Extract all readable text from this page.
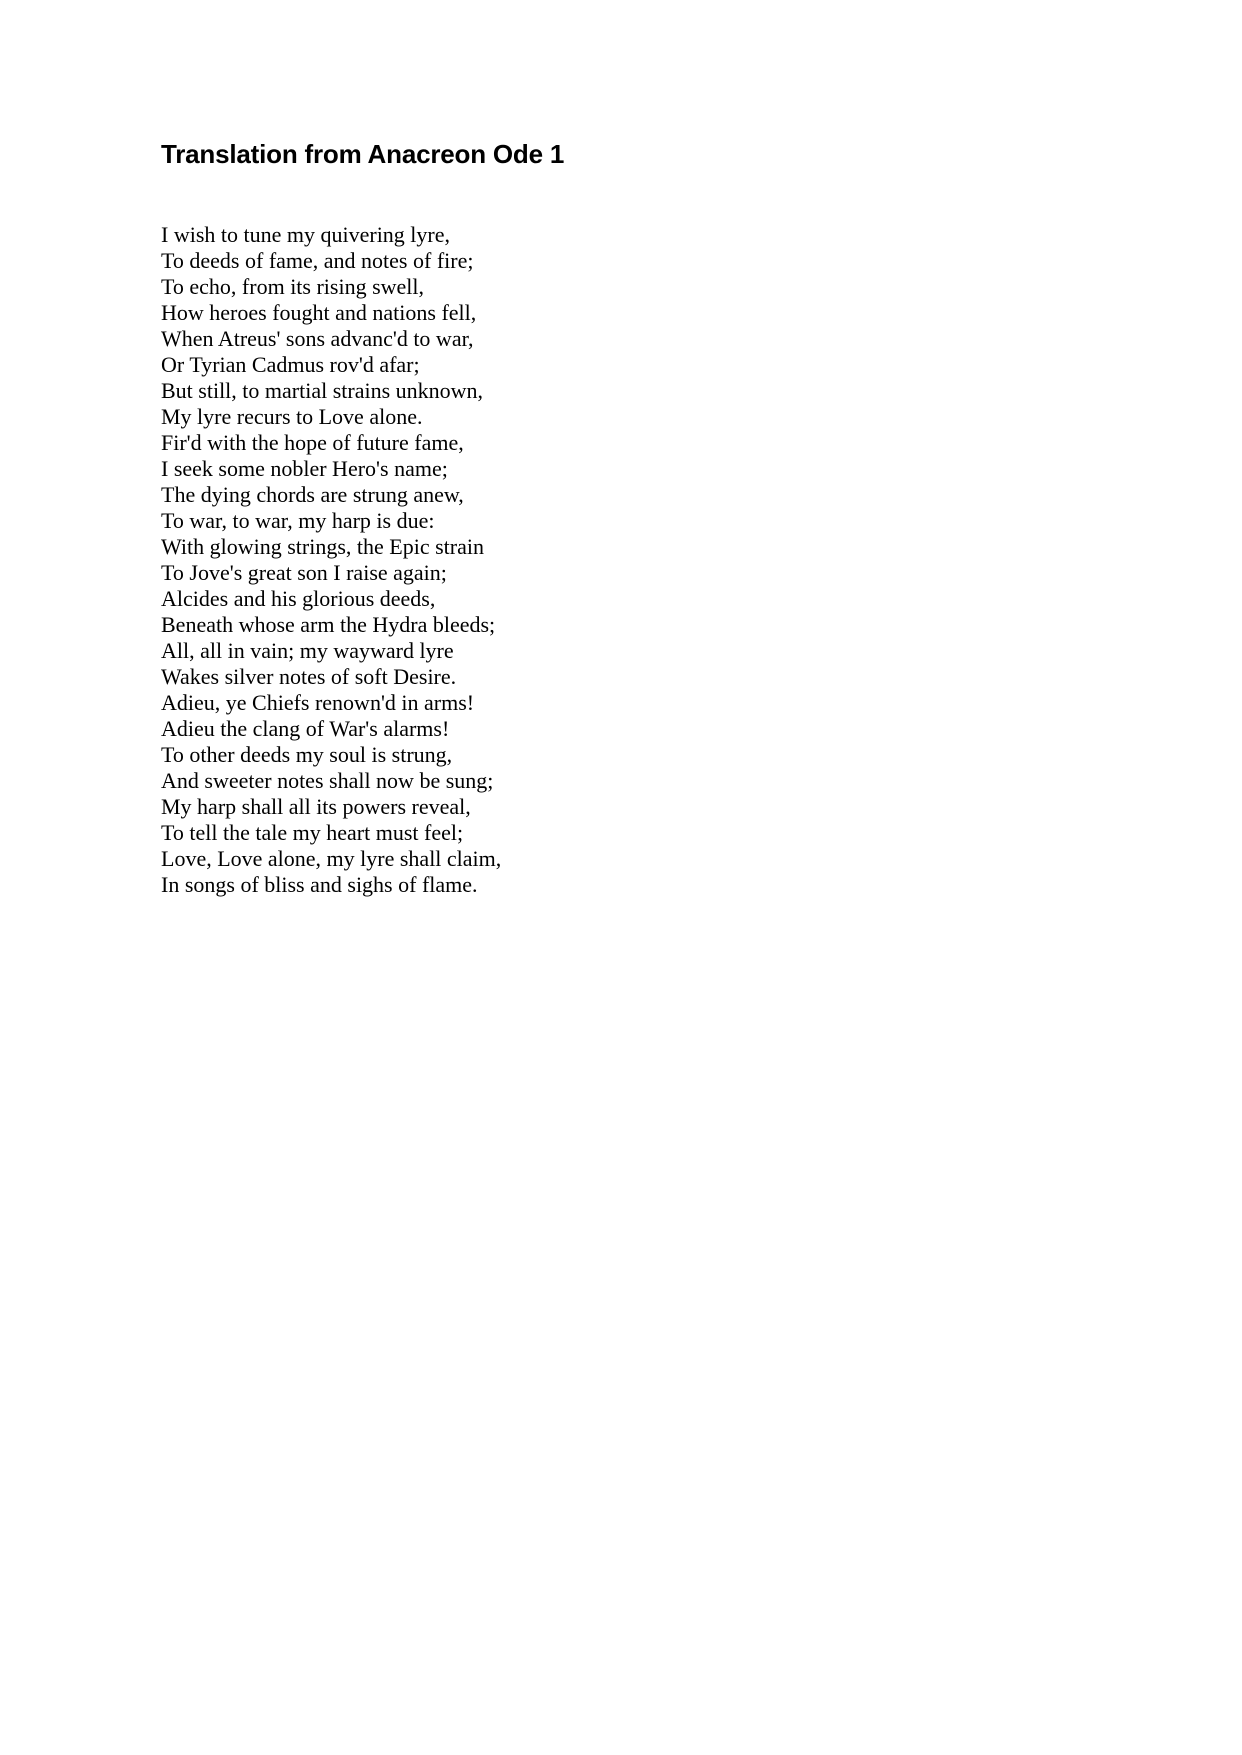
Translation from Anacreon Ode 1
I wish to tune my quivering lyre,
To deeds of fame, and notes of fire;
To echo, from its rising swell,
How heroes fought and nations fell,
When Atreus' sons advanc'd to war,
Or Tyrian Cadmus rov'd afar;
But still, to martial strains unknown,
My lyre recurs to Love alone.
Fir'd with the hope of future fame,
I seek some nobler Hero's name;
The dying chords are strung anew,
To war, to war, my harp is due:
With glowing strings, the Epic strain
To Jove's great son I raise again;
Alcides and his glorious deeds,
Beneath whose arm the Hydra bleeds;
All, all in vain; my wayward lyre
Wakes silver notes of soft Desire.
Adieu, ye Chiefs renown'd in arms!
Adieu the clang of War's alarms!
To other deeds my soul is strung,
And sweeter notes shall now be sung;
My harp shall all its powers reveal,
To tell the tale my heart must feel;
Love, Love alone, my lyre shall claim,
In songs of bliss and sighs of flame.
